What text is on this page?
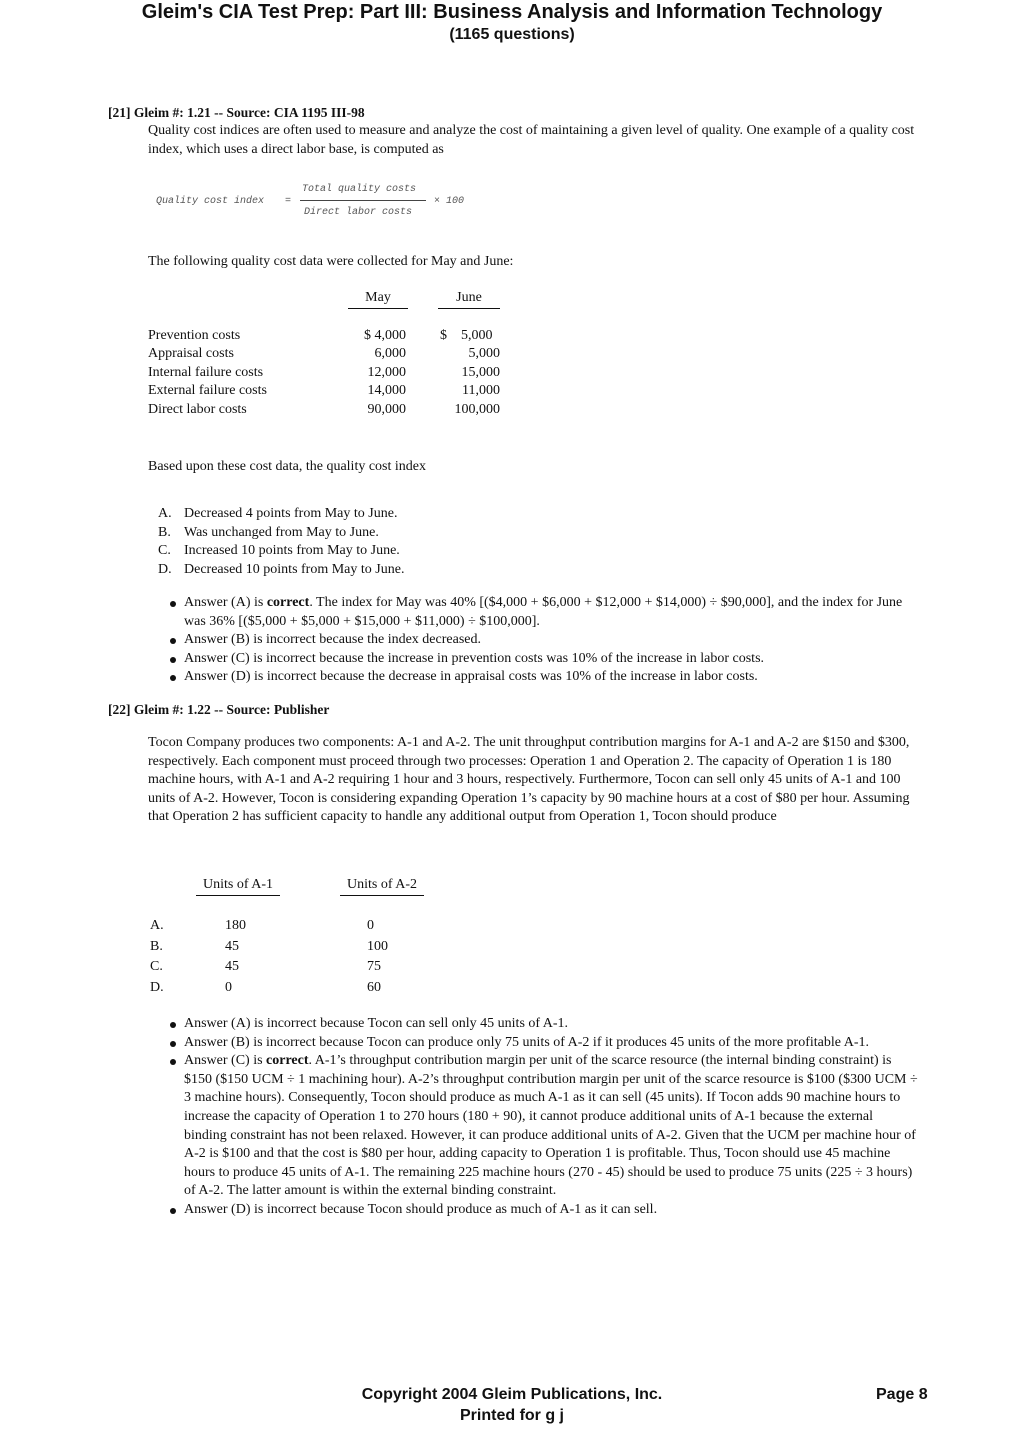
Gleim's CIA Test Prep: Part III: Business Analysis and Information Technology
(1165 questions)
[21] Gleim #: 1.21 -- Source: CIA 1195 III-98
Quality cost indices are often used to measure and analyze the cost of maintaining a given level of quality. One example of a quality cost index, which uses a direct labor base, is computed as
Quality cost index =
Total quality costs
Direct labor costs
× 100
The following quality cost data were collected for May and June:
May	June
Prevention costs	$ 4,000 $    5,000
Appraisal costs	6,000	5,000
Internal failure costs	12,000	15,000
External failure costs	14,000	11,000
Direct labor costs	90,000	100,000
Based upon these cost data, the quality cost index
A. Decreased 4 points from May to June.
B. Was unchanged from May to June.
C. Increased 10 points from May to June.
D. Decreased 10 points from May to June.
Answer (A) is correct. The index for May was 40% [($4,000 + $6,000 + $12,000 + $14,000) ÷ $90,000], and the index for June was 36% [($5,000 + $5,000 + $15,000 + $11,000) ÷ $100,000].
Answer (B) is incorrect because the index decreased.
Answer (C) is incorrect because the increase in prevention costs was 10% of the increase in labor costs.
Answer (D) is incorrect because the decrease in appraisal costs was 10% of the increase in labor costs.
[22] Gleim #: 1.22 -- Source: Publisher
Tocon Company produces two components: A-1 and A-2. The unit throughput contribution margins for A-1 and A-2 are $150 and $300, respectively. Each component must proceed through two processes: Operation 1 and Operation 2. The capacity of Operation 1 is 180 machine hours, with A-1 and A-2 requiring 1 hour and 3 hours, respectively. Furthermore, Tocon can sell only 45 units of A-1 and 100 units of A-2. However, Tocon is considering expanding Operation 1’s capacity by 90 machine hours at a cost of $80 per hour. Assuming that Operation 2 has sufficient capacity to handle any additional output from Operation 1, Tocon should produce
Units of A-1	Units of A-2
A.	180	0
B.	45	100
C.	45	75
D.	0	60
Answer (A) is incorrect because Tocon can sell only 45 units of A-1.
Answer (B) is incorrect because Tocon can produce only 75 units of A-2 if it produces 45 units of the more profitable A-1.
Answer (C) is correct. A-1’s throughput contribution margin per unit of the scarce resource (the internal binding constraint) is $150 ($150 UCM ÷ 1 machining hour). A-2’s throughput contribution margin per unit of the scarce resource is $100 ($300 UCM ÷ 3 machine hours). Consequently, Tocon should produce as much A-1 as it can sell (45 units). If Tocon adds 90 machine hours to increase the capacity of Operation 1 to 270 hours (180 + 90), it cannot produce additional units of A-1 because the external binding constraint has not been relaxed. However, it can produce additional units of A-2. Given that the UCM per machine hour of A-2 is $100 and that the cost is $80 per hour, adding capacity to Operation 1 is profitable. Thus, Tocon should use 45 machine hours to produce 45 units of A-1. The remaining 225 machine hours (270 - 45) should be used to produce 75 units (225 ÷ 3 hours) of A-2. The latter amount is within the external binding constraint.
Answer (D) is incorrect because Tocon should produce as much of A-1 as it can sell.
Copyright 2004 Gleim Publications, Inc.
Printed for g j
Page 8
